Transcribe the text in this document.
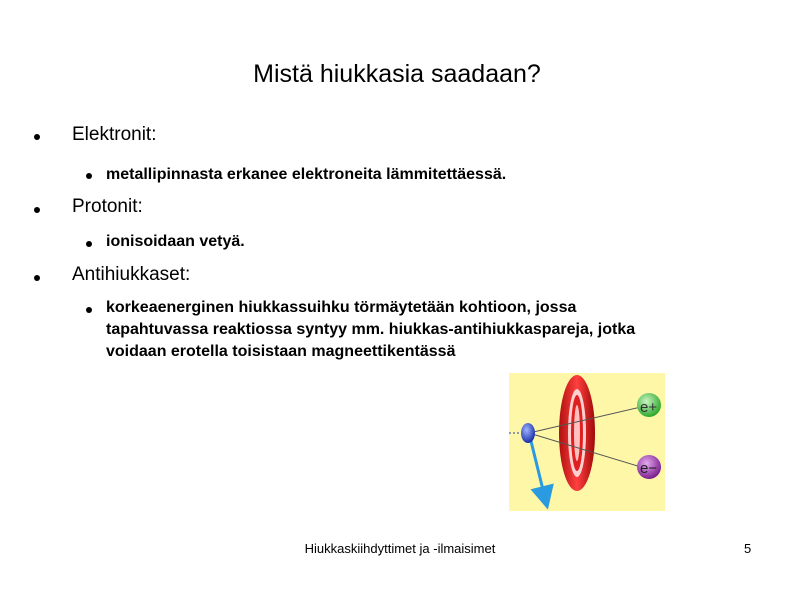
Mistä hiukkasia saadaan?
Elektronit:
metallipinnasta erkanee elektroneita lämmitettäessä.
Protonit:
ionisoidaan vetyä.
Antihiukkaset:
korkeaenerginen hiukkassuihku törmäytetään kohtioon, jossa
tapahtuvassa reaktiossa syntyy mm. hiukkas-antihiukkaspareja, jotka
voidaan erotella toisistaan magneettikentässä
e+
e−
Hiukkaskiihdyttimet ja -ilmaisimet	5
